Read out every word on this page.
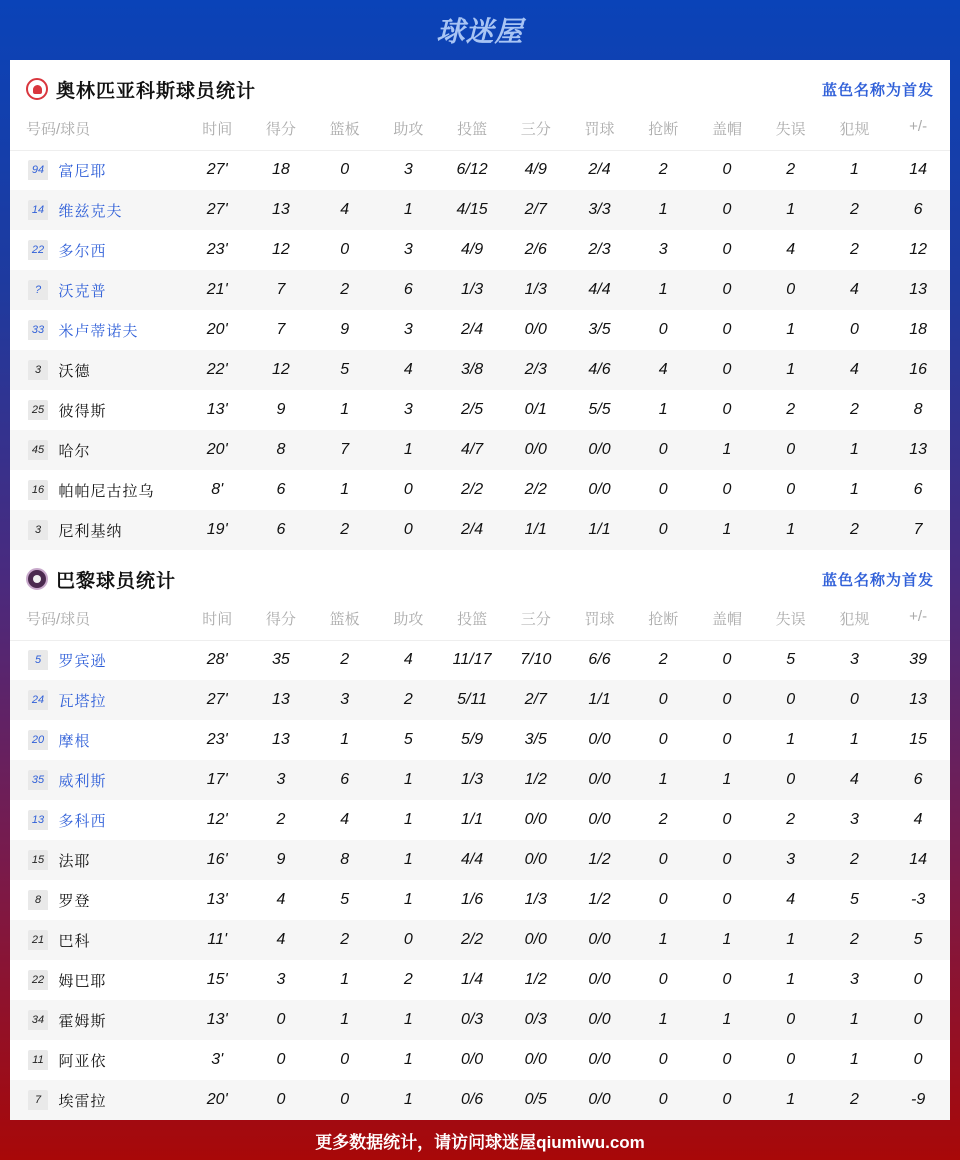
球迷屋
奥林匹亚科斯球员统计	蓝色名称为首发
号码/球员	时间	得分	篮板	助攻	投篮	三分	罚球	抢断	盖帽	失误	犯规	+/-
94 富尼耶	27'	18	0	3	6/12	4/9	2/4	2	0	2	1	14
14 维兹克夫	27'	13	4	1	4/15	2/7	3/3	1	0	1	2	6
22 多尔西	23'	12	0	3	4/9	2/6	2/3	3	0	4	2	12
? 沃克普	21'	7	2	6	1/3	1/3	4/4	1	0	0	4	13
33 米卢蒂诺夫	20'	7	9	3	2/4	0/0	3/5	0	0	1	0	18
3 沃德	22'	12	5	4	3/8	2/3	4/6	4	0	1	4	16
25 彼得斯	13'	9	1	3	2/5	0/1	5/5	1	0	2	2	8
45 哈尔	20'	8	7	1	4/7	0/0	0/0	0	1	0	1	13
16 帕帕尼古拉乌	8'	6	1	0	2/2	2/2	0/0	0	0	0	1	6
3 尼利基纳	19'	6	2	0	2/4	1/1	1/1	0	1	1	2	7
巴黎球员统计	蓝色名称为首发
号码/球员	时间	得分	篮板	助攻	投篮	三分	罚球	抢断	盖帽	失误	犯规	+/-
5 罗宾逊	28'	35	2	4	11/17	7/10	6/6	2	0	5	3	39
24 瓦塔拉	27'	13	3	2	5/11	2/7	1/1	0	0	0	0	13
20 摩根	23'	13	1	5	5/9	3/5	0/0	0	0	1	1	15
35 威利斯	17'	3	6	1	1/3	1/2	0/0	1	1	0	4	6
13 多科西	12'	2	4	1	1/1	0/0	0/0	2	0	2	3	4
15 法耶	16'	9	8	1	4/4	0/0	1/2	0	0	3	2	14
8 罗登	13'	4	5	1	1/6	1/3	1/2	0	0	4	5	-3
21 巴科	11'	4	2	0	2/2	0/0	0/0	1	1	1	2	5
22 姆巴耶	15'	3	1	2	1/4	1/2	0/0	0	0	1	3	0
34 霍姆斯	13'	0	1	1	0/3	0/3	0/0	1	1	0	1	0
11 阿亚依	3'	0	0	1	0/0	0/0	0/0	0	0	0	1	0
7 埃雷拉	20'	0	0	1	0/6	0/5	0/0	0	0	1	2	-9
更多数据统计，请访问球迷屋qiumiwu.com
